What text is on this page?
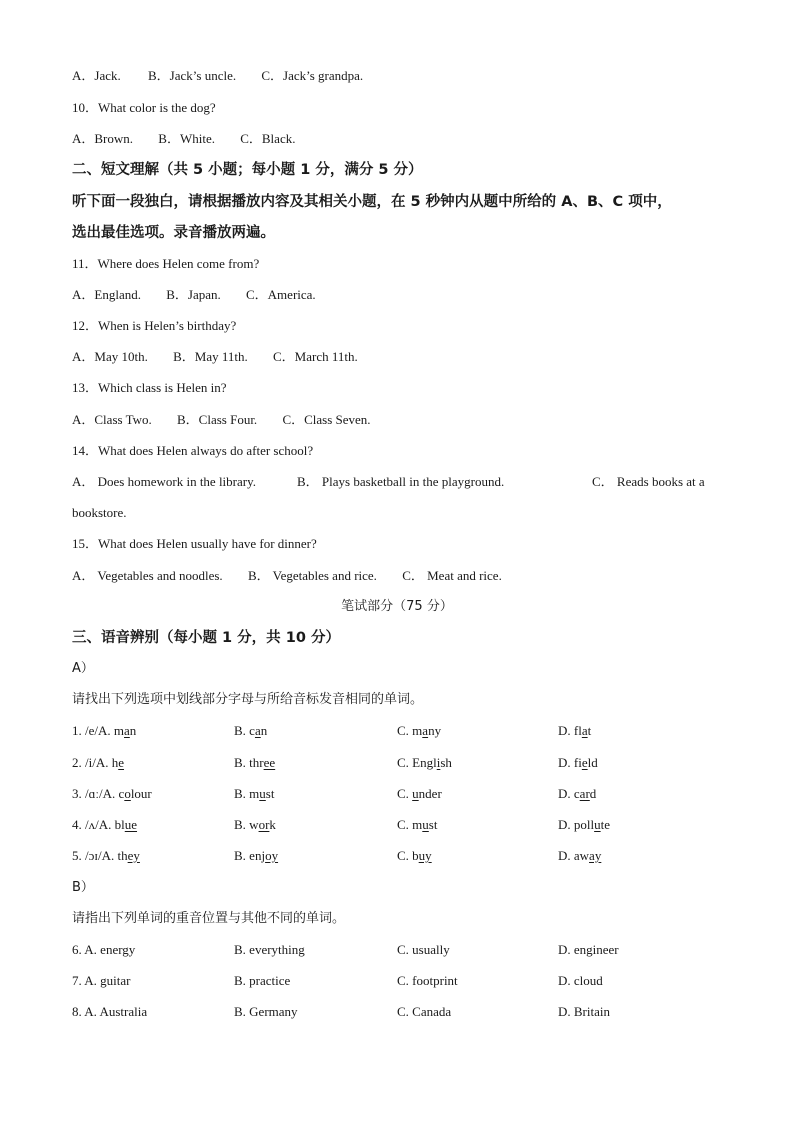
A．Jack. B．Jack’s uncle. C．Jack’s grandpa.
10．What color is the dog?
A．Brown. B．White. C．Black.
二、短文理解（共 5 小题；每小题 1 分，满分 5 分）
听下面一段独白，请根据播放内容及其相关小题，在 5 秒钟内从题中所给的 A、B、C 项中，
选出最佳选项。录音播放两遍。
11．Where does Helen come from?
A．England. B．Japan. C．America.
12．When is Helen’s birthday?
A．May 10th. B．May 11th. C．March 11th.
13．Which class is Helen in?
A．Class Two. B．Class Four. C．Class Seven.
14．What does Helen always do after school?
A． Does homework in the library.	B． Plays basketball in the playground.	C． Reads books at a
bookstore.
15．What does Helen usually have for dinner?
A． Vegetables and noodles. B． Vegetables and rice. C． Meat and rice.
笔试部分（75 分）
三、语音辨别（每小题 1 分，共 10 分）
A）
请找出下列选项中划线部分字母与所给音标发音相同的单词。
1. /e/A. man	B. can	C. many	D. flat
2. /i/A. he	B. three	C. English	D. field
3. /ɑː/A. colour	B. must	C. under	D. card
4. /ʌ/A. blue	B. work	C. must	D. pollute
5. /ɔɪ/A. they	B. enjoy	C. buy	D. away
B）
请指出下列单词的重音位置与其他不同的单词。
6. A. energy	B. everything	C. usually	D. engineer
7. A. guitar	B. practice	C. footprint	D. cloud
8. A. Australia	B. Germany	C. Canada	D. Britain
